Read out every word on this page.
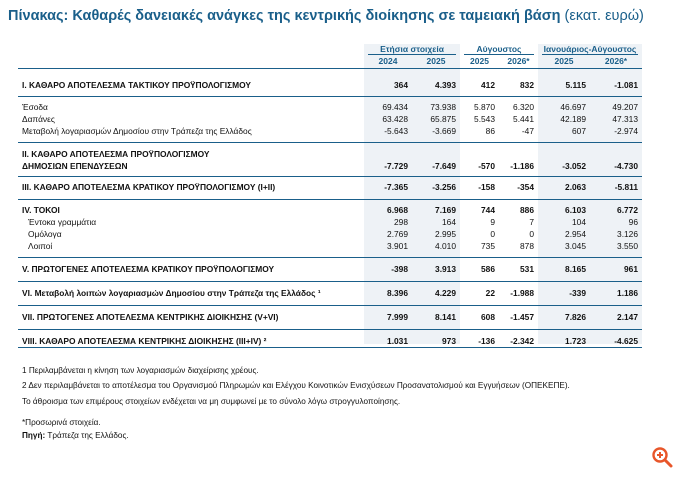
Πίνακας: Καθαρές δανειακές ανάγκες της κεντρικής διοίκησης σε ταμειακή βάση (εκατ. ευρώ)
Ετήσια στοιχεία	Αύγουστος	Ιανουάριος-Αύγουστος
2024	2025	2025	2026*	2025	2026*
I. ΚΑΘΑΡΟ ΑΠΟΤΕΛΕΣΜΑ ΤΑΚΤΙΚΟΥ ΠΡΟΫΠΟΛΟΓΙΣΜΟΥ	364	4.393	412	832	5.115	-1.081
Έσοδα	69.434	73.938	5.870	6.320	46.697	49.207
Δαπάνες	63.428	65.875	5.543	5.441	42.189	47.313
Μεταβολή λογαριασμών Δημοσίου στην Τράπεζα της Ελλάδος	-5.643	-3.669	86	-47	607	-2.974
II. ΚΑΘΑΡΟ ΑΠΟΤΕΛΕΣΜΑ ΠΡΟΫΠΟΛΟΓΙΣΜΟΥ
ΔΗΜΟΣΙΩΝ ΕΠΕΝΔΥΣΕΩΝ	-7.729	-7.649	-570	-1.186	-3.052	-4.730
III. ΚΑΘΑΡΟ ΑΠΟΤΕΛΕΣΜΑ ΚΡΑΤΙΚΟΥ ΠΡΟΫΠΟΛΟΓΙΣΜΟΥ (I+II)	-7.365	-3.256	-158	-354	2.063	-5.811
IV. ΤΟΚΟΙ	6.968	7.169	744	886	6.103	6.772
Έντοκα γραμμάτια	298	164	9	7	104	96
Ομόλογα	2.769	2.995	0	0	2.954	3.126
Λοιποί	3.901	4.010	735	878	3.045	3.550
V. ΠΡΩΤΟΓΕΝΕΣ ΑΠΟΤΕΛΕΣΜΑ ΚΡΑΤΙΚΟΥ ΠΡΟΫΠΟΛΟΓΙΣΜΟΥ	-398	3.913	586	531	8.165	961
VI. Μεταβολή λοιπών λογαριασμών Δημοσίου στην Τράπεζα της Ελλάδος ¹	8.396	4.229	22	-1.988	-339	1.186
VII. ΠΡΩΤΟΓΕΝΕΣ ΑΠΟΤΕΛΕΣΜΑ ΚΕΝΤΡΙΚΗΣ ΔΙΟΙΚΗΣΗΣ (V+VI)	7.999	8.141	608	-1.457	7.826	2.147
VIII. ΚΑΘΑΡΟ ΑΠΟΤΕΛΕΣΜΑ ΚΕΝΤΡΙΚΗΣ ΔΙΟΙΚΗΣΗΣ (III+IV) ²	1.031	973	-136	-2.342	1.723	-4.625
1 Περιλαμβάνεται η κίνηση των λογαριασμών διαχείρισης χρέους.
2 Δεν περιλαμβάνεται το αποτέλεσμα του Οργανισμού Πληρωμών και Ελέγχου Κοινοτικών Ενισχύσεων Προσανατολισμού και Εγγυήσεων (ΟΠΕΚΕΠΕ).
Το άθροισμα των επιμέρους στοιχείων ενδέχεται να μη συμφωνεί με το σύνολο λόγω στρογγυλοποίησης.
*Προσωρινά στοιχεία.
Πηγή: Τράπεζα της Ελλάδος.
